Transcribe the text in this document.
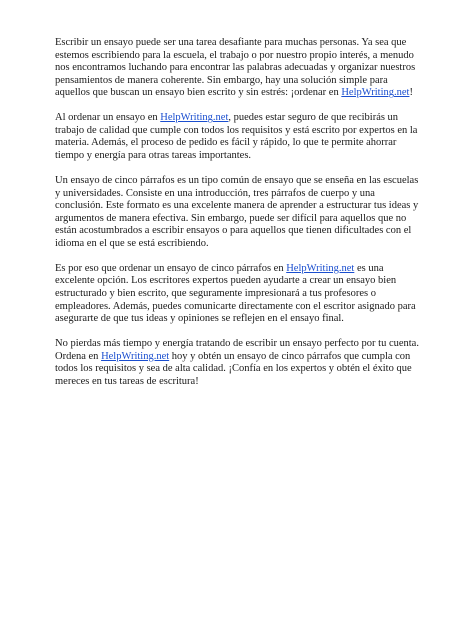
Escribir un ensayo puede ser una tarea desafiante para muchas personas. Ya sea que estemos escribiendo para la escuela, el trabajo o por nuestro propio interés, a menudo nos encontramos luchando para encontrar las palabras adecuadas y organizar nuestros pensamientos de manera coherente. Sin embargo, hay una solución simple para aquellos que buscan un ensayo bien escrito y sin estrés: ¡ordenar en HelpWriting.net!

Al ordenar un ensayo en HelpWriting.net, puedes estar seguro de que recibirás un trabajo de calidad que cumple con todos los requisitos y está escrito por expertos en la materia. Además, el proceso de pedido es fácil y rápido, lo que te permite ahorrar tiempo y energía para otras tareas importantes.

Un ensayo de cinco párrafos es un tipo común de ensayo que se enseña en las escuelas y universidades. Consiste en una introducción, tres párrafos de cuerpo y una conclusión. Este formato es una excelente manera de aprender a estructurar tus ideas y argumentos de manera efectiva. Sin embargo, puede ser difícil para aquellos que no están acostumbrados a escribir ensayos o para aquellos que tienen dificultades con el idioma en el que se está escribiendo.

Es por eso que ordenar un ensayo de cinco párrafos en HelpWriting.net es una excelente opción. Los escritores expertos pueden ayudarte a crear un ensayo bien estructurado y bien escrito, que seguramente impresionará a tus profesores o empleadores. Además, puedes comunicarte directamente con el escritor asignado para asegurarte de que tus ideas y opiniones se reflejen en el ensayo final.

No pierdas más tiempo y energía tratando de escribir un ensayo perfecto por tu cuenta. Ordena en HelpWriting.net hoy y obtén un ensayo de cinco párrafos que cumpla con todos los requisitos y sea de alta calidad. ¡Confía en los expertos y obtén el éxito que mereces en tus tareas de escritura!
